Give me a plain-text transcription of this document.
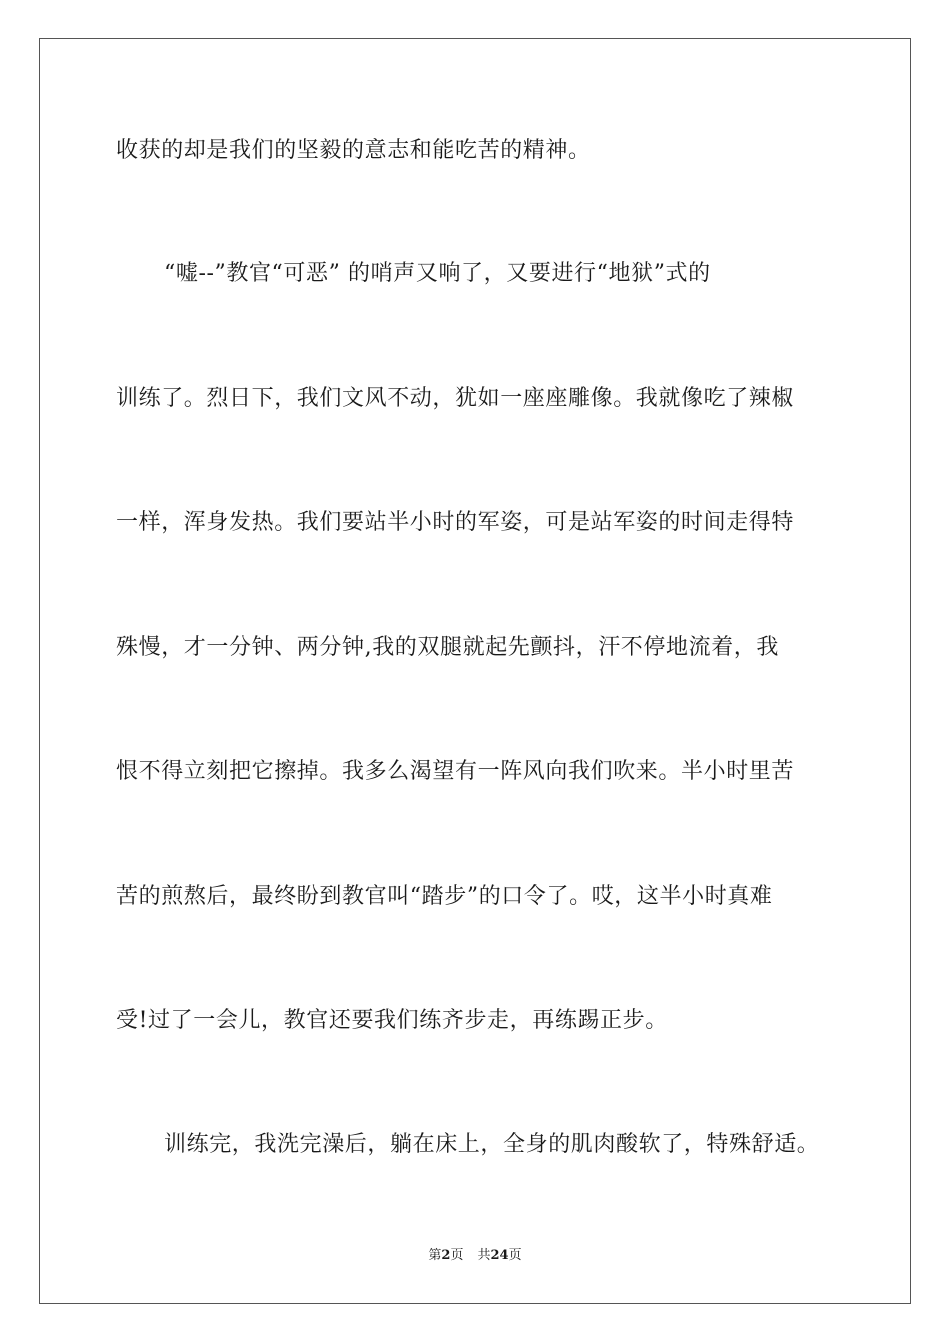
收获的却是我们的坚毅的意志和能吃苦的精神。
“嘘--”教官“可恶” 的哨声又响了，又要进行“地狱”式的
训练了。烈日下，我们文风不动，犹如一座座雕像。我就像吃了辣椒
一样，浑身发热。我们要站半小时的军姿，可是站军姿的时间走得特
殊慢，才一分钟、两分钟,我的双腿就起先颤抖，汗不停地流着，我
恨不得立刻把它擦掉。我多么渴望有一阵风向我们吹来。半小时里苦
苦的煎熬后，最终盼到教官叫“踏步”的口令了。哎，这半小时真难
受!过了一会儿，教官还要我们练齐步走，再练踢正步。
训练完，我洗完澡后，躺在床上，全身的肌肉酸软了，特殊舒适。
第2页 共24页
